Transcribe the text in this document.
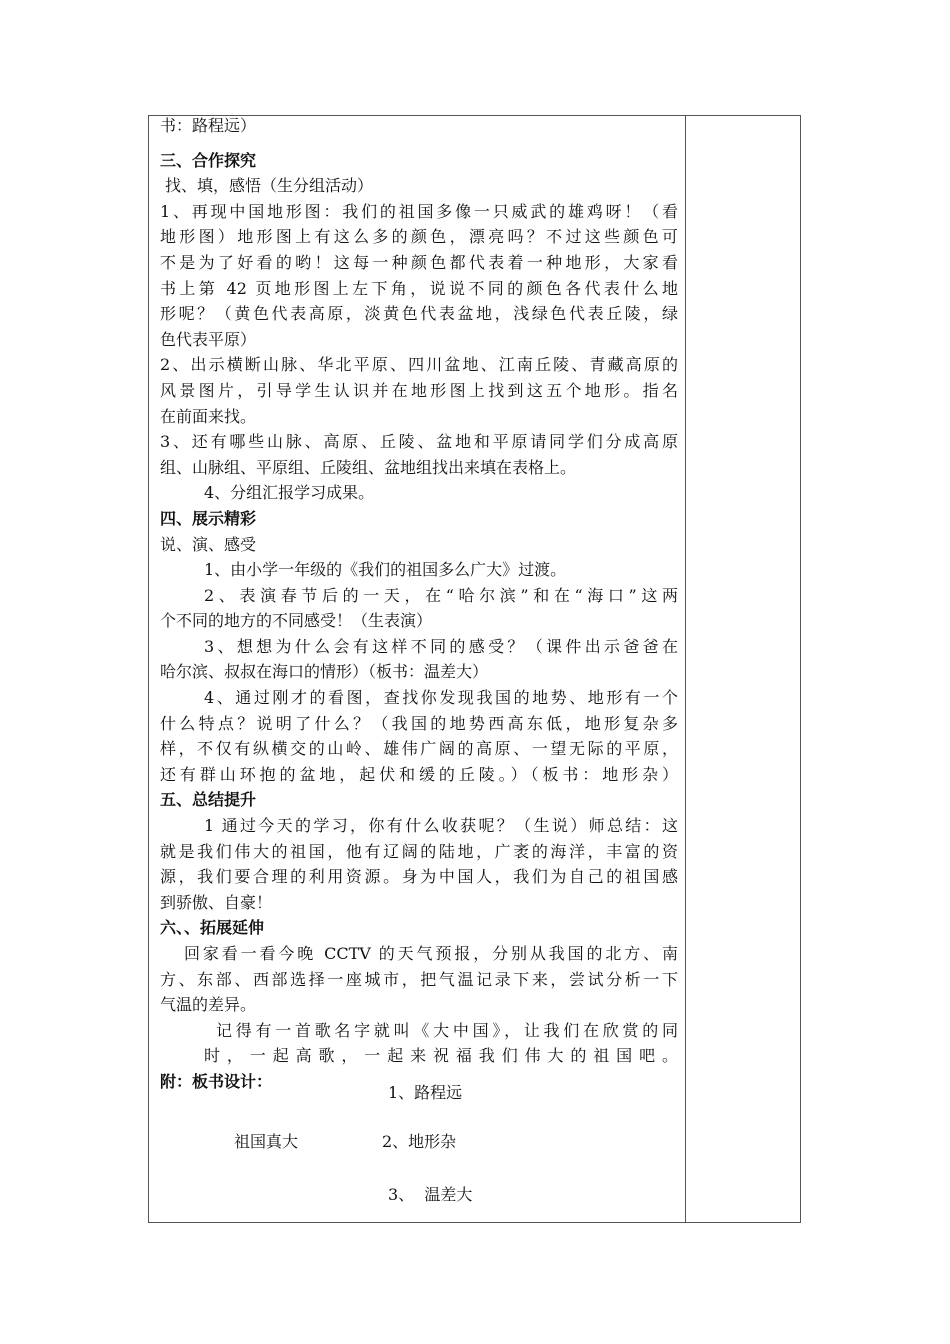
书：路程远）

三、合作探究

找、填，感悟（生分组活动）

1、再现中国地形图：我们的祖国多像一只威武的雄鸡呀！（看

地形图）地形图上有这么多的颜色，漂亮吗？不过这些颜色可

不是为了好看的哟！这每一种颜色都代表着一种地形，大家看

书上第 42 页地形图上左下角，说说不同的颜色各代表什么地

形呢？（黄色代表高原，淡黄色代表盆地，浅绿色代表丘陵，绿

色代表平原）

2、出示横断山脉、华北平原、四川盆地、江南丘陵、青藏高原的

风景图片，引导学生认识并在地形图上找到这五个地形。指名

在前面来找。

3、还有哪些山脉、高原、丘陵、盆地和平原请同学们分成高原

组、山脉组、平原组、丘陵组、盆地组找出来填在表格上。

4、分组汇报学习成果。

四、展示精彩

说、演、感受

1、由小学一年级的《我们的祖国多么广大》过渡。

2、表演春节后的一天，在“哈尔滨”和在“海口”这两

个不同的地方的不同感受！（生表演）

3、想想为什么会有这样不同的感受？（课件出示爸爸在

哈尔滨、叔叔在海口的情形）（板书：温差大）

4、通过刚才的看图，查找你发现我国的地势、地形有一个

什么特点？说明了什么？（我国的地势西高东低，地形复杂多

样，不仅有纵横交的山岭、雄伟广阔的高原、一望无际的平原，

还有群山环抱的盆地，起伏和缓的丘陵。）（板书：地形杂）

五、总结提升

1 通过今天的学习，你有什么收获呢？（生说）师总结：这

就是我们伟大的祖国，他有辽阔的陆地，广袤的海洋，丰富的资

源，我们要合理的利用资源。身为中国人，我们为自己的祖国感

到骄傲、自豪！

六、、拓展延伸

回家看一看今晚 CCTV 的天气预报，分别从我国的北方、南

方、东部、西部选择一座城市，把气温记录下来，尝试分析一下

气温的差异。

记得有一首歌名字就叫《大中国》，让我们在欣赏的同

时，一起高歌，一起来祝福我们伟大的祖国吧。

附：板书设计：

1、路程远
祖国真大	2、地形杂
3、  温差大
